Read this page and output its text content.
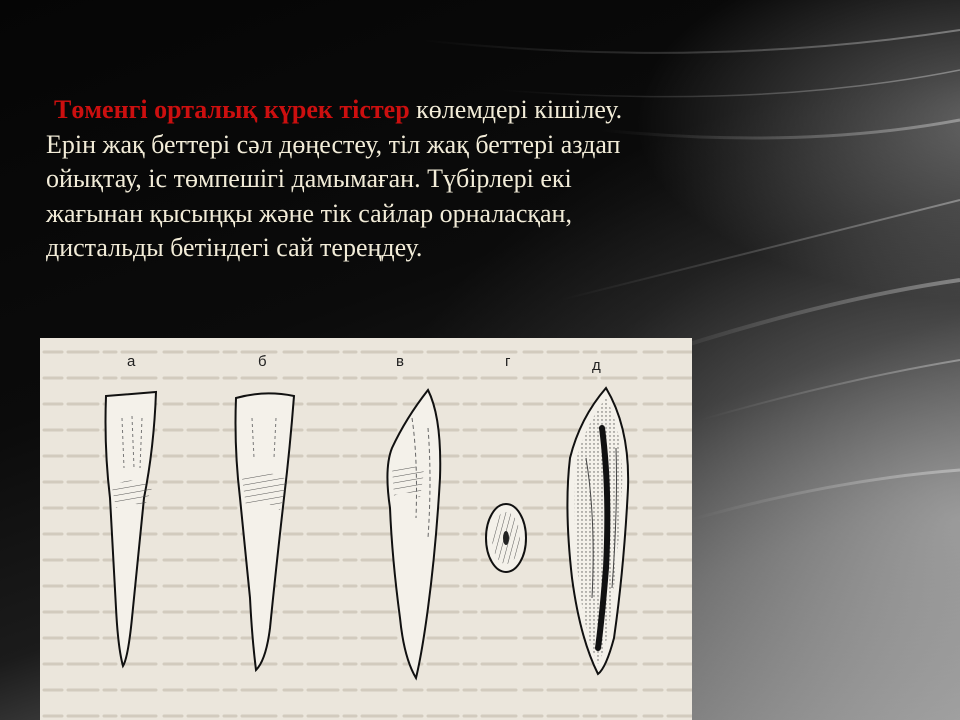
Төменгі орталық күрек тістер көлемдері кішілеу.
Ерін жақ беттері сәл дөңестеу, тіл жақ беттері аздап
ойықтау, іс төмпешігі дамымаған. Түбірлері екі
жағынан қысыңқы және тік сайлар орналасқан,
дистальды бетіндегі сай тереңдеу.

а	б	в	г	д
